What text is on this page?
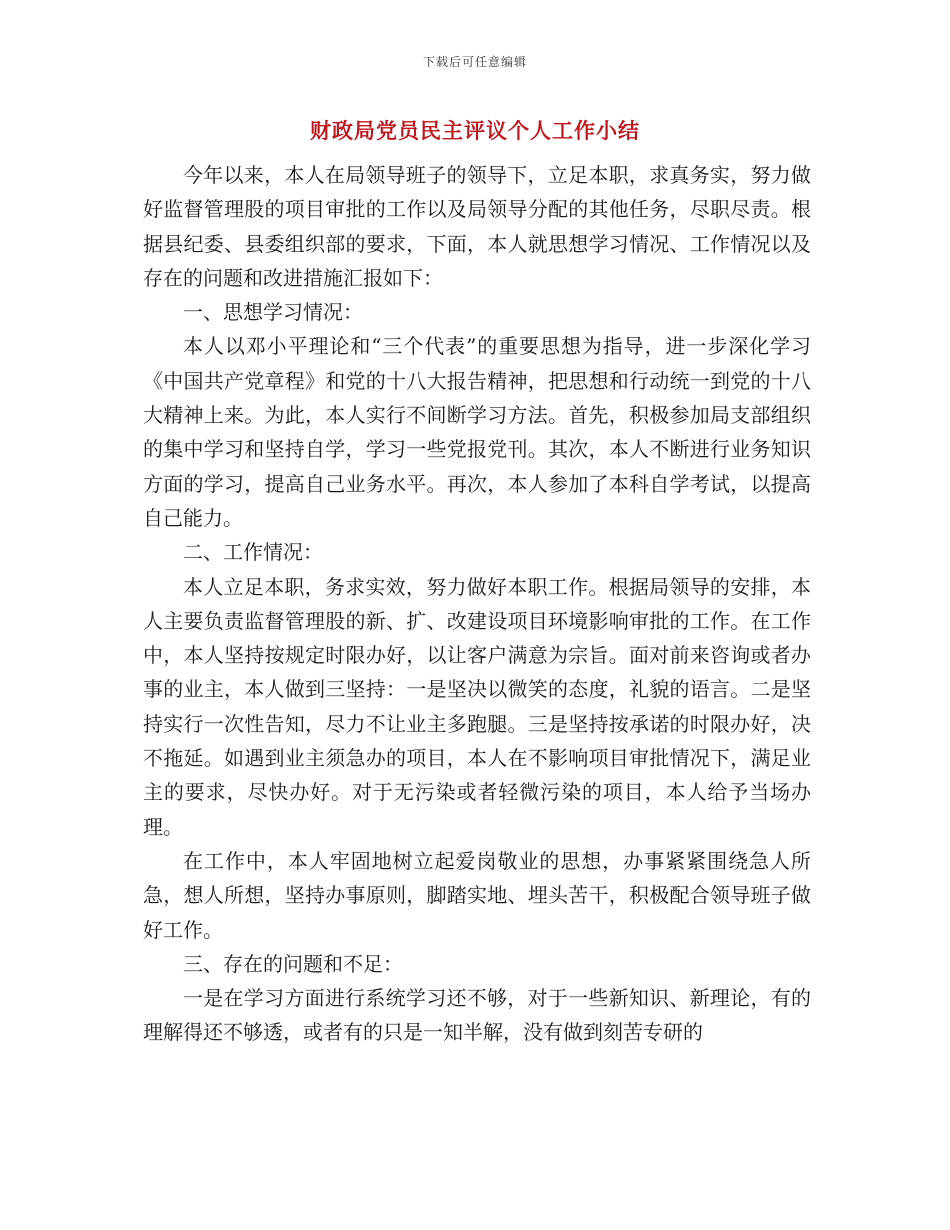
下载后可任意编辑
财政局党员民主评议个人工作小结

今年以来，本人在局领导班子的领导下，立足本职，求真务实，努力做好监督管理股的项目审批的工作以及局领导分配的其他任务，尽职尽责。根据县纪委、县委组织部的要求，下面，本人就思想学习情况、工作情况以及存在的问题和改进措施汇报如下：

一、思想学习情况：

本人以邓小平理论和“三个代表”的重要思想为指导，进一步深化学习《中国共产党章程》和党的十八大报告精神，把思想和行动统一到党的十八大精神上来。为此，本人实行不间断学习方法。首先，积极参加局支部组织的集中学习和坚持自学，学习一些党报党刊。其次，本人不断进行业务知识方面的学习，提高自己业务水平。再次，本人参加了本科自学考试，以提高自己能力。

二、工作情况：

本人立足本职，务求实效，努力做好本职工作。根据局领导的安排，本人主要负责监督管理股的新、扩、改建设项目环境影响审批的工作。在工作中，本人坚持按规定时限办好，以让客户满意为宗旨。面对前来咨询或者办事的业主，本人做到三坚持：一是坚决以微笑的态度，礼貌的语言。二是坚持实行一次性告知，尽力不让业主多跑腿。三是坚持按承诺的时限办好，决不拖延。如遇到业主须急办的项目，本人在不影响项目审批情况下，满足业主的要求，尽快办好。对于无污染或者轻微污染的项目，本人给予当场办理。

在工作中，本人牢固地树立起爱岗敬业的思想，办事紧紧围绕急人所急，想人所想，坚持办事原则，脚踏实地、埋头苦干，积极配合领导班子做好工作。

三、存在的问题和不足：

一是在学习方面进行系统学习还不够，对于一些新知识、新理论，有的理解得还不够透，或者有的只是一知半解，没有做到刻苦专研的
